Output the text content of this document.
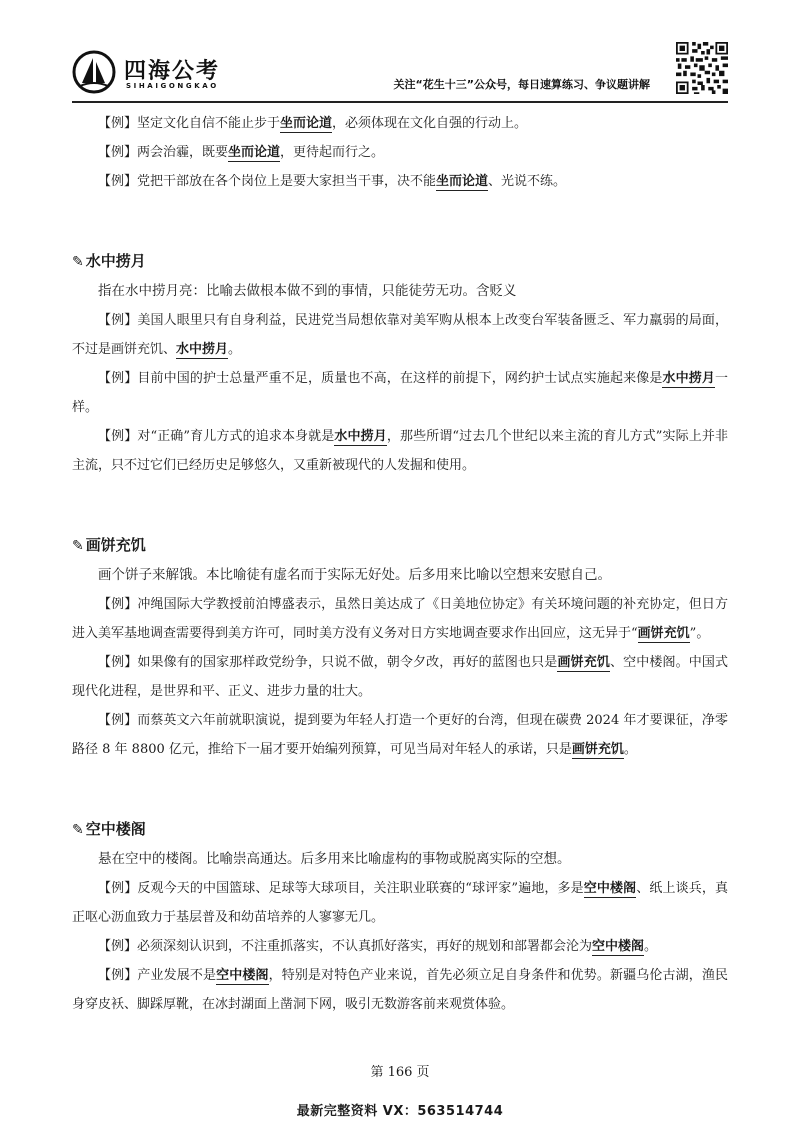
四海公考
SIHAIGONGKAO	关注“花生十三”公众号，每日速算练习、争议题讲解

【例】坚定文化自信不能止步于坐而论道，必须体现在文化自强的行动上。

【例】两会治霾，既要坐而论道，更待起而行之。

【例】党把干部放在各个岗位上是要大家担当干事，决不能坐而论道、光说不练。

✎ 水中捞月

指在水中捞月亮：比喻去做根本做不到的事情，只能徒劳无功。含贬义

【例】美国人眼里只有自身利益，民进党当局想依靠对美军购从根本上改变台军装备匮乏、军力羸弱的局面，不过是画饼充饥、水中捞月。

【例】目前中国的护士总量严重不足，质量也不高，在这样的前提下，网约护士试点实施起来像是水中捞月一样。

【例】对“正确”育儿方式的追求本身就是水中捞月，那些所谓“过去几个世纪以来主流的育儿方式”实际上并非主流，只不过它们已经历史足够悠久，又重新被现代的人发掘和使用。

✎ 画饼充饥

画个饼子来解饿。本比喻徒有虚名而于实际无好处。后多用来比喻以空想来安慰自己。

【例】冲绳国际大学教授前泊博盛表示，虽然日美达成了《日美地位协定》有关环境问题的补充协定，但日方进入美军基地调查需要得到美方许可，同时美方没有义务对日方实地调查要求作出回应，这无异于“画饼充饥”。

【例】如果像有的国家那样政党纷争，只说不做，朝令夕改，再好的蓝图也只是画饼充饥、空中楼阁。中国式现代化进程，是世界和平、正义、进步力量的壮大。

【例】而蔡英文六年前就职演说，提到要为年轻人打造一个更好的台湾，但现在碳费 2024 年才要课征，净零路径 8 年 8800 亿元，推给下一届才要开始编列预算，可见当局对年轻人的承诺，只是画饼充饥。

✎ 空中楼阁

悬在空中的楼阁。比喻崇高通达。后多用来比喻虚构的事物或脱离实际的空想。

【例】反观今天的中国篮球、足球等大球项目，关注职业联赛的“球评家”遍地，多是空中楼阁、纸上谈兵，真正呕心沥血致力于基层普及和幼苗培养的人寥寥无几。

【例】必须深刻认识到，不注重抓落实，不认真抓好落实，再好的规划和部署都会沦为空中楼阁。

【例】产业发展不是空中楼阁，特别是对特色产业来说，首先必须立足自身条件和优势。新疆乌伦古湖，渔民身穿皮袄、脚踩厚靴，在冰封湖面上凿洞下网，吸引无数游客前来观赏体验。

第 166 页
最新完整资料 VX：563514744
